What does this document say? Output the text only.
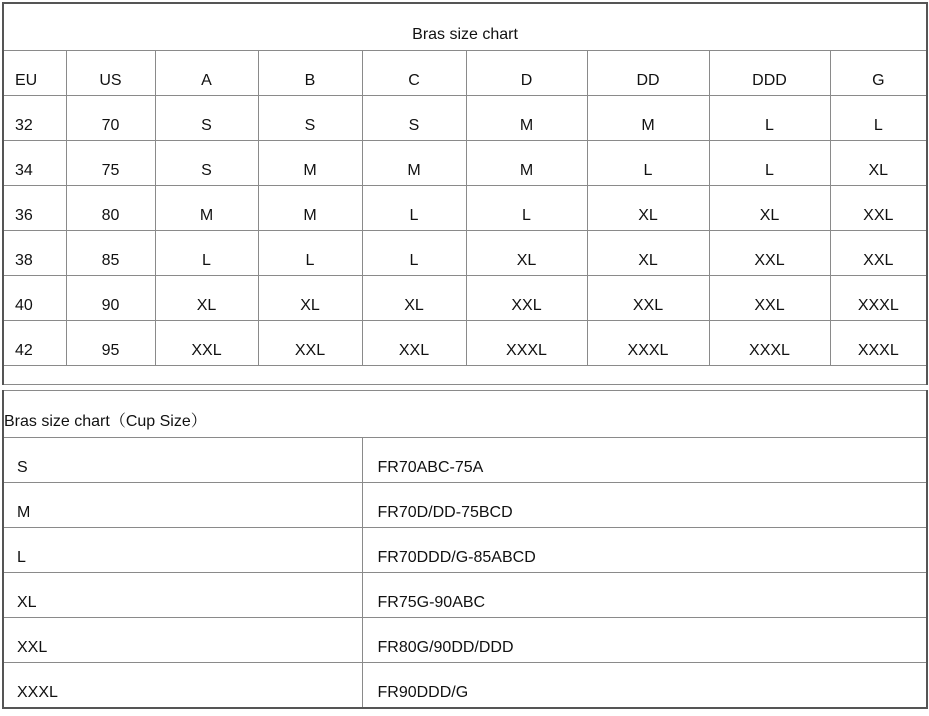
Bras size chart								
EU	US	A	B	C	D	DD	DDD	G
32	70	S	S	S	M	M	L	L
34	75	S	M	M	M	L	L	XL
36	80	M	M	L	L	XL	XL	XXL
38	85	L	L	L	XL	XL	XXL	XXL
40	90	XL	XL	XL	XXL	XXL	XXL	XXXL
42	95	XXL	XXL	XXL	XXXL	XXXL	XXXL	XXXL

Bras size chart（Cup Size）	
S	FR70ABC-75A
M	FR70D/DD-75BCD
L	FR70DDD/G-85ABCD
XL	FR75G-90ABC
XXL	FR80G/90DD/DDD
XXXL	FR90DDD/G
